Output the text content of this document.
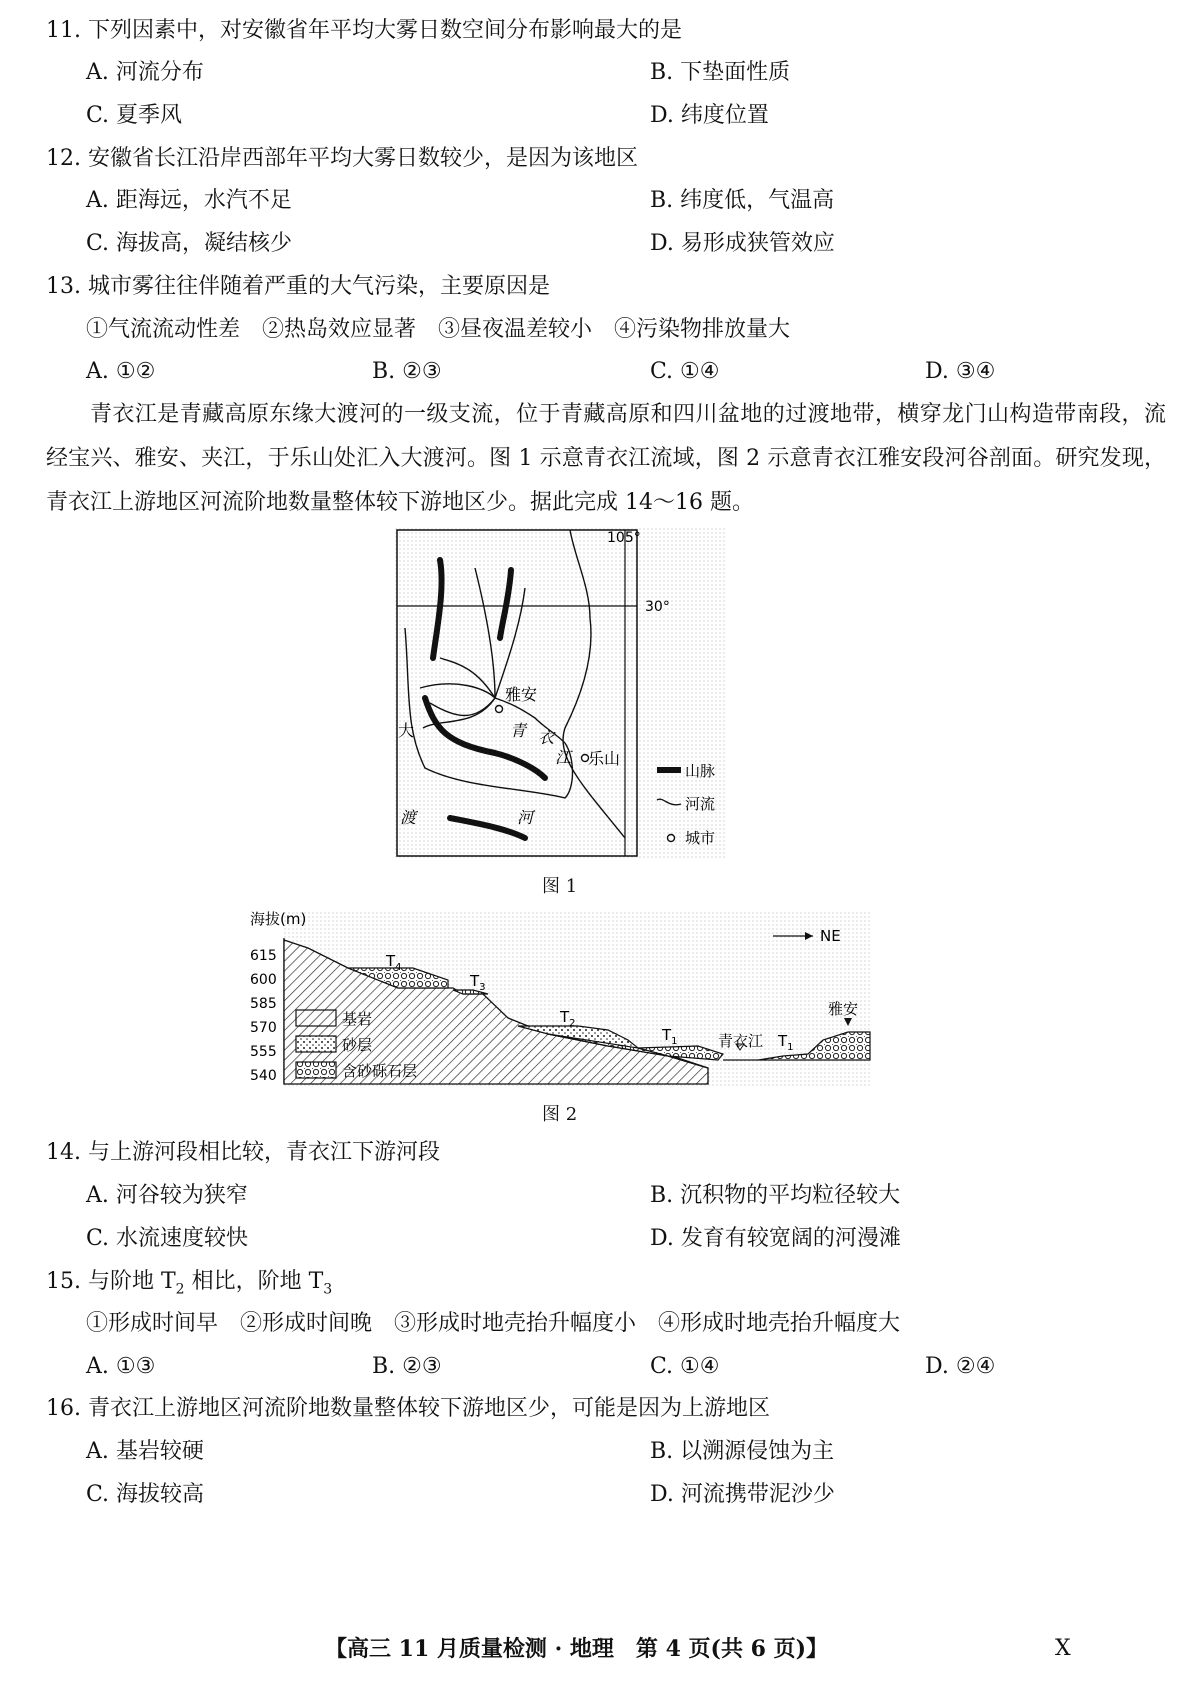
11. 下列因素中，对安徽省年平均大雾日数空间分布影响最大的是
A. 河流分布	B. 下垫面性质
C. 夏季风	D. 纬度位置
12. 安徽省长江沿岸西部年平均大雾日数较少，是因为该地区
A. 距海远，水汽不足	B. 纬度低，气温高
C. 海拔高，凝结核少	D. 易形成狭管效应
13. 城市雾往往伴随着严重的大气污染，主要原因是
①气流流动性差　②热岛效应显著　③昼夜温差较小　④污染物排放量大
A. ①②	B. ②③	C. ①④	D. ③④
青衣江是青藏高原东缘大渡河的一级支流，位于青藏高原和四川盆地的过渡地带，横穿龙门山构造带南段，流经宝兴、雅安、夹江，于乐山处汇入大渡河。图 1 示意青衣江流域，图 2 示意青衣江雅安段河谷剖面。研究发现，青衣江上游地区河流阶地数量整体较下游地区少。据此完成 14～16 题。
105°
30°
雅安
乐山
青 衣
江
大
渡	河
山脉
河流
城市
图 1
海拔(m)
615
600
585
570
555
540
$T_4$
$T_3$
$T_2$
$T_1$	$T_1$
青衣江
雅安
NE
基岩
砂层
含砂砾石层
图 2
14. 与上游河段相比较，青衣江下游河段
A. 河谷较为狭窄	B. 沉积物的平均粒径较大
C. 水流速度较快	D. 发育有较宽阔的河漫滩
15. 与阶地 $T_2$ 相比，阶地 $T_3$
①形成时间早　②形成时间晚　③形成时地壳抬升幅度小　④形成时地壳抬升幅度大
A. ①③	B. ②③	C. ①④	D. ②④
16. 青衣江上游地区河流阶地数量整体较下游地区少，可能是因为上游地区
A. 基岩较硬	B. 以溯源侵蚀为主
C. 海拔较高	D. 河流携带泥沙少
【高三 11 月质量检测 · 地理　第 4 页(共 6 页)】	X
